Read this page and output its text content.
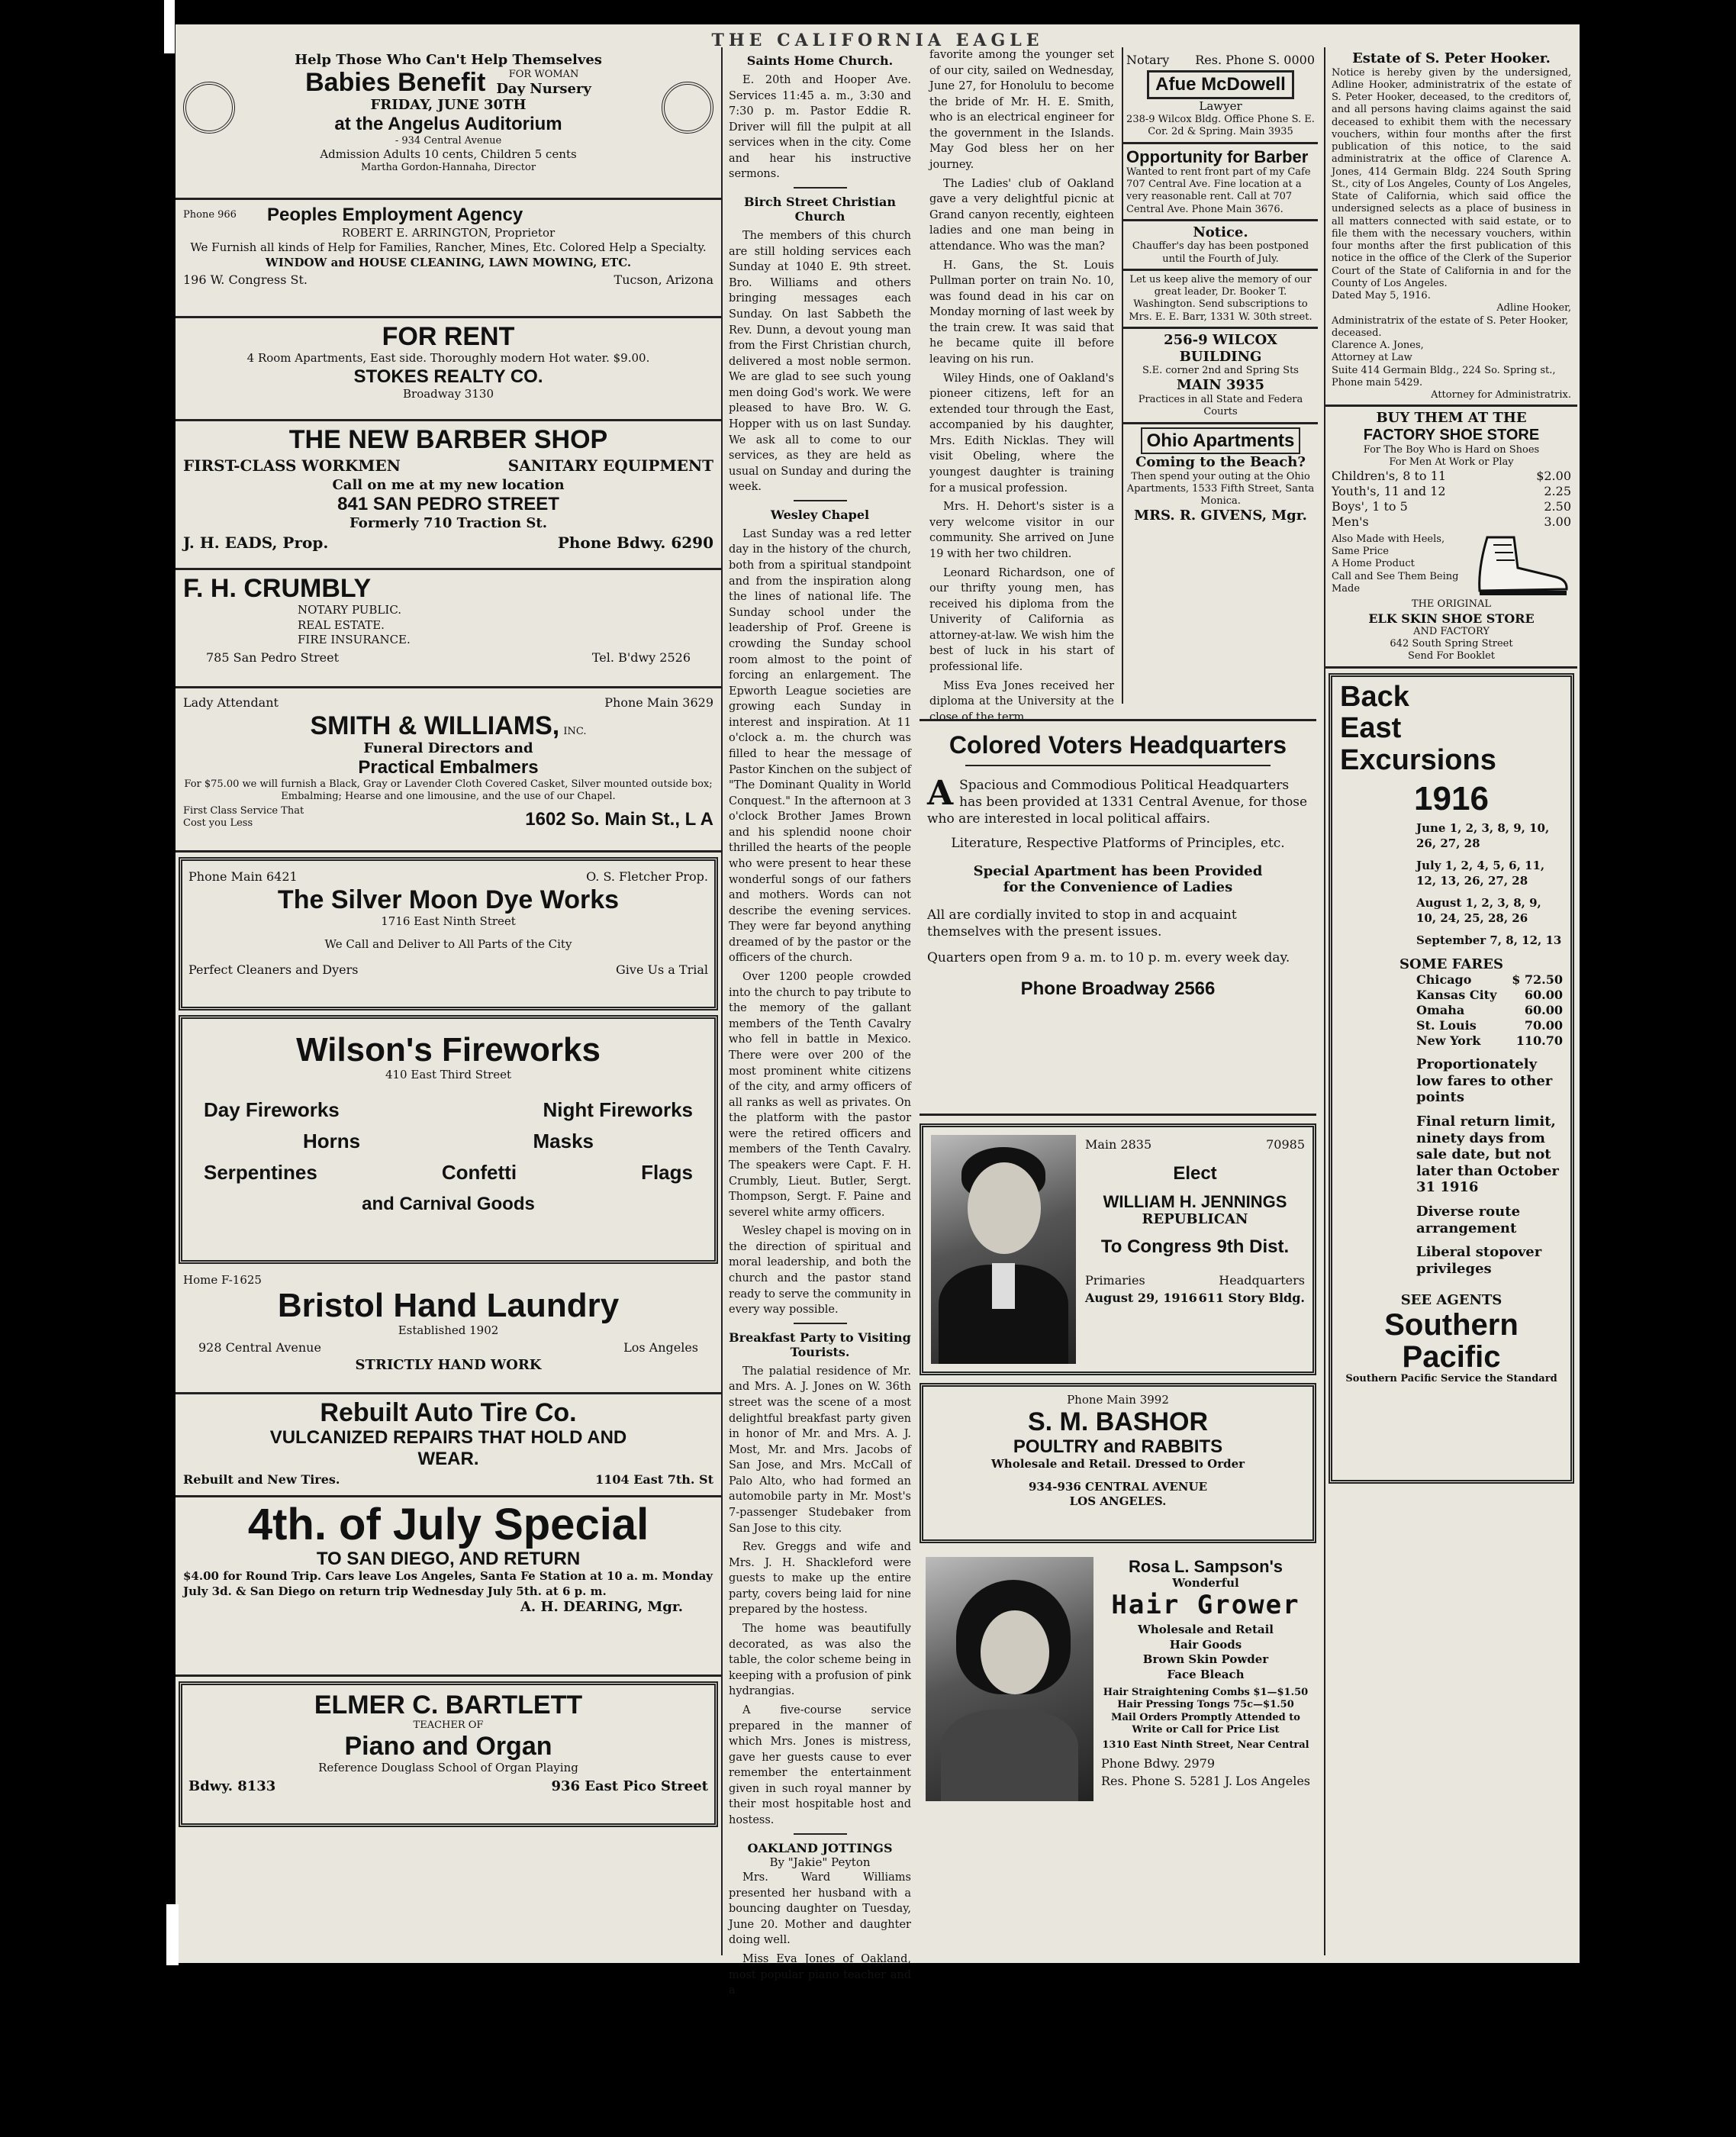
THE CALIFORNIA EAGLE
Help Those Who Can't Help Themselves
Babies Benefit	FOR WOMAN
Day Nursery
FRIDAY, JUNE 30TH
at the Angelus Auditorium
- 934 Central Avenue
Admission Adults 10 cents, Children 5 cents
Martha Gordon-Hannaha, Director
Phone 966 Peoples Employment Agency
ROBERT E. ARRINGTON, Proprietor
We Furnish all kinds of Help for Families, Rancher, Mines, Etc. Colored Help a Specialty.
WINDOW and HOUSE CLEANING, LAWN MOWING, ETC.
196 W. Congress St.	Tucson, Arizona
FOR RENT
4 Room Apartments, East side. Thoroughly modern Hot water. $9.00.
STOKES REALTY CO.
Broadway 3130
THE NEW BARBER SHOP
FIRST-CLASS WORKMEN	SANITARY EQUIPMENT
Call on me at my new location
841 SAN PEDRO STREET
Formerly 710 Traction St.
J. H. EADS, Prop.	Phone Bdwy. 6290
F. H. CRUMBLY
NOTARY PUBLIC.
REAL ESTATE.
FIRE INSURANCE.
785 San Pedro Street	Tel. B'dwy 2526
Lady Attendant	Phone Main 3629
SMITH & WILLIAMS, INC.
Funeral Directors and
Practical Embalmers
For $75.00 we will furnish a Black, Gray or Lavender Cloth Covered Casket, Silver mounted outside box; Embalming; Hearse and one limousine, and the use of our Chapel.
First Class Service That Cost you Less	1602 So. Main St., L A
Phone Main 6421	O. S. Fletcher Prop.
The Silver Moon Dye Works
1716 East Ninth Street
We Call and Deliver to All Parts of the City
Perfect Cleaners and Dyers	Give Us a Trial
Wilson's Fireworks
410 East Third Street
Day Fireworks	Night Fireworks
Horns	Masks
Serpentines	Confetti	Flags
and Carnival Goods
Home F-1625
Bristol Hand Laundry
Established 1902
928 Central Avenue	Los Angeles
STRICTLY HAND WORK
Rebuilt Auto Tire Co.
VULCANIZED REPAIRS THAT HOLD AND WEAR.
Rebuilt and New Tires.	1104 East 7th. St
4th. of July Special
TO SAN DIEGO, AND RETURN
$4.00 for Round Trip. Cars leave Los Angeles, Santa Fe Station at 10 a. m. Monday July 3d. & San Diego on return trip Wednesday July 5th. at 6 p. m.
A. H. DEARING, Mgr.
ELMER C. BARTLETT
TEACHER OF
Piano and Organ
Reference Douglass School of Organ Playing
Bdwy. 8133	936 East Pico Street
Saints Home Church.

E. 20th and Hooper Ave. Services 11:45 a. m., 3:30 and 7:30 p. m. Pastor Eddie R. Driver will fill the pulpit at all services when in the city. Come and hear his instructive sermons.

Birch Street Christian Church

The members of this church are still holding services each Sunday at 1040 E. 9th street. Bro. Williams and others bringing messages each Sunday. On last Sabbeth the Rev. Dunn, a devout young man from the First Christian church, delivered a most noble sermon. We are glad to see such young men doing God's work. We were pleased to have Bro. W. G. Hopper with us on last Sunday. We ask all to come to our services, as they are held as usual on Sunday and during the week.

Wesley Chapel

Last Sunday was a red letter day in the history of the church, both from a spiritual standpoint and from the inspiration along the lines of national life. The Sunday school under the leadership of Prof. Greene is crowding the Sunday school room almost to the point of forcing an enlargement. The Epworth League societies are growing each Sunday in interest and inspiration. At 11 o'clock a. m. the church was filled to hear the message of Pastor Kinchen on the subject of "The Dominant Quality in World Conquest." In the afternoon at 3 o'clock Brother James Brown and his splendid noone choir thrilled the hearts of the people who were present to hear these wonderful songs of our fathers and mothers. Words can not describe the evening services. They were far beyond anything dreamed of by the pastor or the officers of the church.

Over 1200 people crowded into the church to pay tribute to the memory of the gallant members of the Tenth Cavalry who fell in battle in Mexico. There were over 200 of the most prominent white citizens of the city, and army officers of all ranks as well as privates. On the platform with the pastor were the retired officers and members of the Tenth Cavalry. The speakers were Capt. F. H. Crumbly, Lieut. Butler, Sergt. Thompson, Sergt. F. Paine and severel white army officers.

Wesley chapel is moving on in the direction of spiritual and moral leadership, and both the church and the pastor stand ready to serve the community in every way possible.

Breakfast Party to Visiting Tourists.

The palatial residence of Mr. and Mrs. A. J. Jones on W. 36th street was the scene of a most delightful breakfast party given in honor of Mr. and Mrs. A. J. Most, Mr. and Mrs. Jacobs of San Jose, and Mrs. McCall of Palo Alto, who had formed an automobile party in Mr. Most's 7-passenger Studebaker from San Jose to this city.

Rev. Greggs and wife and Mrs. J. H. Shackleford were guests to make up the entire party, covers being laid for nine prepared by the hostess.

The home was beautifully decorated, as was also the table, the color scheme being in keeping with a profusion of pink hydrangias.

A five-course service prepared in the manner of which Mrs. Jones is mistress, gave her guests cause to ever remember the entertainment given in such royal manner by their most hospitable host and hostess.

OAKLAND JOTTINGS
By "Jakie" Peyton

Mrs. Ward Williams presented her husband with a bouncing daughter on Tuesday, June 20. Mother and daughter doing well.

Miss Eva Jones of Oakland, most popular piano teacher and a

favorite among the younger set of our city, sailed on Wednesday, June 27, for Honolulu to become the bride of Mr. H. E. Smith, who is an electrical engineer for the government in the Islands. May God bless her on her journey.

The Ladies' club of Oakland gave a very delightful picnic at Grand canyon recently, eighteen ladies and one man being in attendance. Who was the man?

H. Gans, the St. Louis Pullman porter on train No. 10, was found dead in his car on Monday morning of last week by the train crew. It was said that he became quite ill before leaving on his run.

Wiley Hinds, one of Oakland's pioneer citizens, left for an extended tour through the East, accompanied by his daughter, Mrs. Edith Nicklas. They will visit Obeling, where the youngest daughter is training for a musical profession.

Mrs. H. Dehort's sister is a very welcome visitor in our community. She arrived on June 19 with her two children.

Leonard Richardson, one of our thrifty young men, has received his diploma from the Univerity of California as attorney-at-law. We wish him the best of luck in his start of professional life.

Miss Eva Jones received her diploma at the University at the close of the term.

Notary Res. Phone S. 0000
Afue McDowell
Lawyer
238-9 Wilcox Bldg. Office Phone S. E. Cor. 2d & Spring. Main 3935
Opportunity for Barber
Wanted to rent front part of my Cafe 707 Central Ave. Fine location at a very reasonable rent. Call at 707 Central Ave. Phone Main 3676.
Notice.
Chauffer's day has been postponed until the Fourth of July.
Let us keep alive the memory of our great leader, Dr. Booker T. Washington. Send subscriptions to Mrs. E. E. Barr, 1331 W. 30th street.
256-9 WILCOX BUILDING
S.E. corner 2nd and Spring Sts
MAIN 3935
Practices in all State and Federa Courts
Ohio Apartments
Coming to the Beach?
Then spend your outing at the Ohio Apartments, 1533 Fifth Street, Santa Monica.
MRS. R. GIVENS, Mgr.
Estate of S. Peter Hooker.
Notice is hereby given by the undersigned, Adline Hooker, administratrix of the estate of S. Peter Hooker, deceased, to the creditors of, and all persons having claims against the said deceased to exhibit them with the necessary vouchers, within four months after the first publication of this notice, to the said administratrix at the office of Clarence A. Jones, 414 Germain Bldg. 224 South Spring St., city of Los Angeles, County of Los Angeles, State of California, which said office the undersigned selects as a place of business in all matters connected with said estate, or to file them with the necessary vouchers, within four months after the first publication of this notice in the office of the Clerk of the Superior Court of the State of California in and for the County of Los Angeles.
Dated May 5, 1916.
Adline Hooker,
Administratrix of the estate of S. Peter Hooker, deceased.
Clarence A. Jones,
Attorney at Law
Suite 414 Germain Bldg., 224 So. Spring st., Phone main 5429.
Attorney for Administratrix.
BUY THEM AT THE
FACTORY SHOE STORE
For The Boy Who is Hard on Shoes
For Men At Work or Play
Children's, 8 to 11	$2.00
Youth's, 11 and 12	2.25
Boys', 1 to 5	2.50
Men's	3.00
Also Made with Heels, Same Price
A Home Product
Call and See Them Being Made
THE ORIGINAL
ELK SKIN SHOE STORE
AND FACTORY
642 South Spring Street
Send For Booklet
Back East Excursions
1916
June 1, 2, 3, 8, 9, 10, 26, 27, 28
July 1, 2, 4, 5, 6, 11, 12, 13, 26, 27, 28
August 1, 2, 3, 8, 9, 10, 24, 25, 28, 26
September 7, 8, 12, 13
SOME FARES
Chicago	$ 72.50
Kansas City 60.00
Omaha	60.00
St. Louis	70.00
New York	110.70
Proportionately low fares to other points
Final return limit, ninety days from sale date, but not later than October 31 1916
Diverse route arrangement
Liberal stopover privileges
SEE AGENTS
Southern
Pacific
Southern Pacific Service the Standard
Colored Voters Headquarters
A Spacious and Commodious Political Headquarters has been provided at 1331 Central Avenue, for those who are interested in local political affairs.
Literature, Respective Platforms of Principles, etc.
Special Apartment has been Provided for the Convenience of Ladies
All are cordially invited to stop in and acquaint themselves with the present issues.
Quarters open from 9 a. m. to 10 p. m. every week day.
Phone Broadway 2566
Main 2835	70985
Elect
WILLIAM H. JENNINGS
REPUBLICAN
To Congress 9th Dist.
Primaries	Headquarters
August 29, 1916 611 Story Bldg.
Phone Main 3992
S. M. BASHOR
POULTRY and RABBITS
Wholesale and Retail. Dressed to Order
934-936 CENTRAL AVENUE
LOS ANGELES.
Rosa L. Sampson's
Wonderful
Hair Grower
Wholesale and Retail
Hair Goods
Brown Skin Powder
Face Bleach
Hair Straightening Combs $1—$1.50
Hair Pressing Tongs 75c—$1.50
Mail Orders Promptly Attended to Write or Call for Price List
1310 East Ninth Street, Near Central
Phone Bdwy. 2979
Res. Phone S. 5281 J. Los Angeles
